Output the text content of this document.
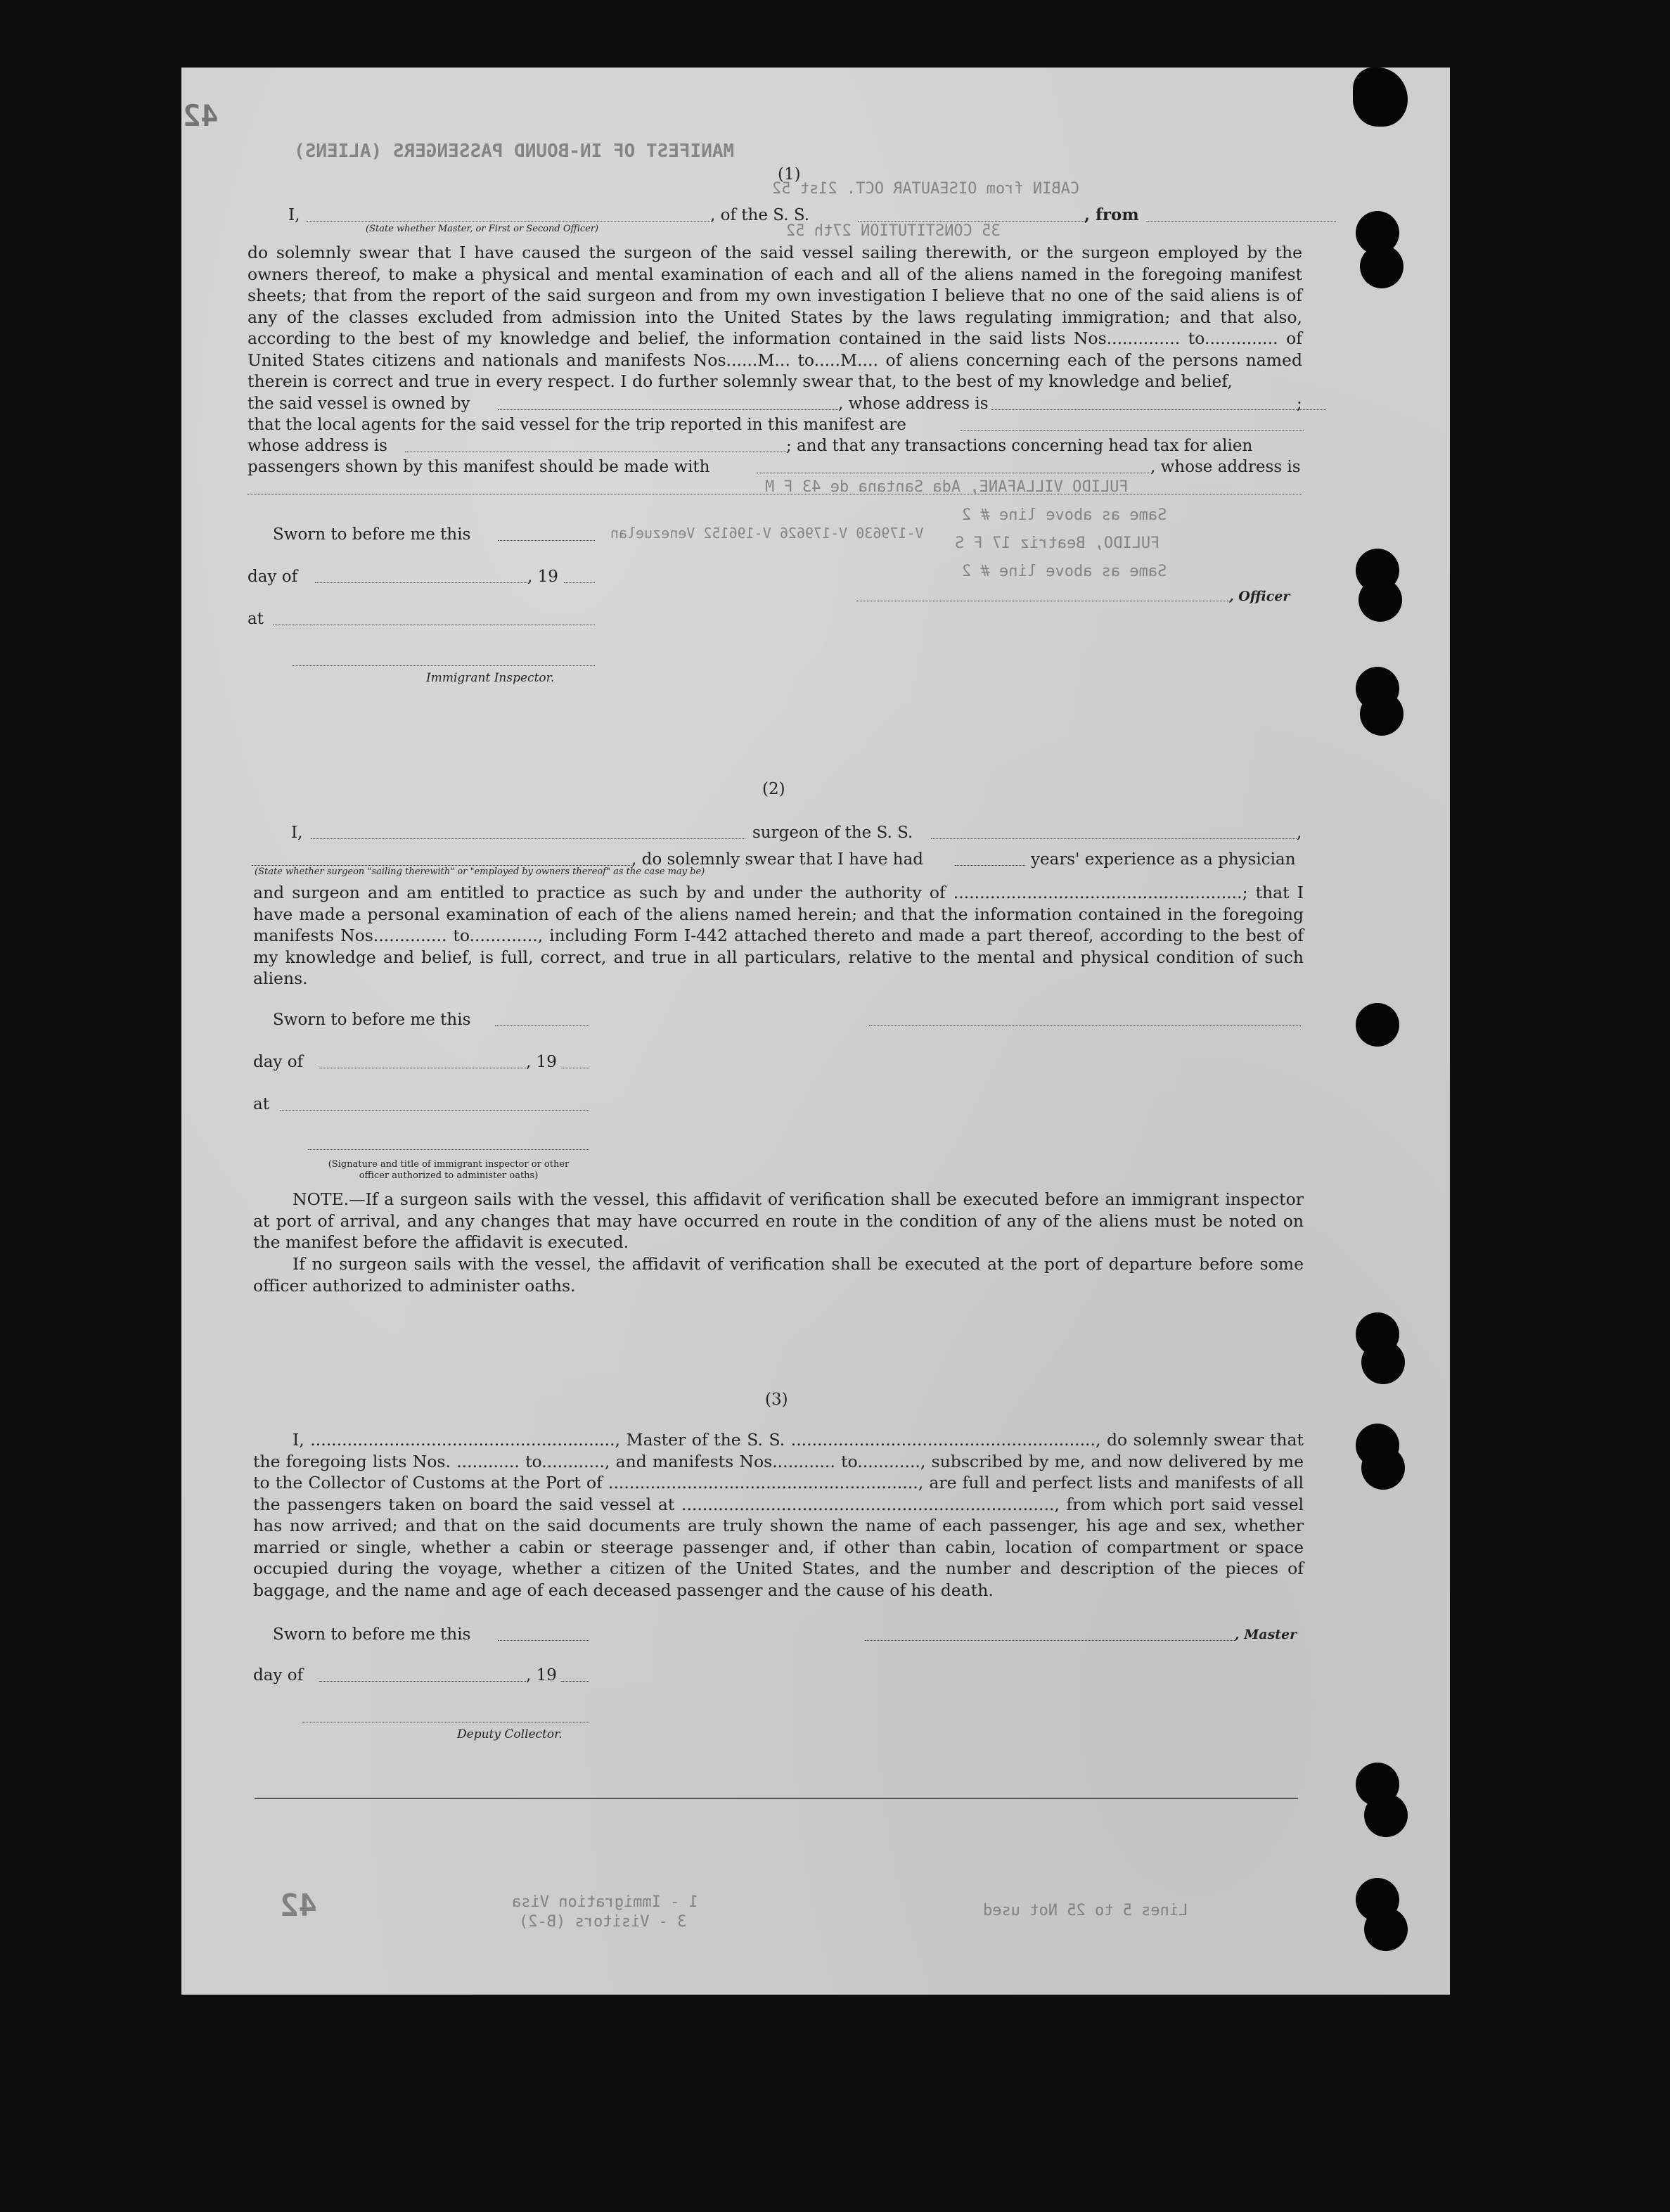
42
MANIFEST OF IN-BOUND PASSENGERS (ALIENS)
CABIN from OISEAUTAR OCT. 21st 52
35 CONSTITUTION 27th 52
FULIDO VILLAFANE, Ada Santana de 43 F M
Same as above line # 2
FULIDO, Beatriz 17 F S
Same as above line # 2
V-179630 V-179626 V-196152 Venezuelan
42	1 - Immigration Visa
3 - Visitors (B-2)
Lines 5 to 25 Not used
(1)
I,	, of the S. S.	, from
(State whether Master, or First or Second Officer)
do solemnly swear that I have caused the surgeon of the said vessel sailing therewith, or the surgeon employed by the owners thereof, to make a physical and mental examination of each and all of the aliens named in the foregoing manifest sheets; that from the report of the said surgeon and from my own investigation I believe that no one of the said aliens is of any of the classes excluded from admission into the United States by the laws regulating immigration; and that also, according to the best of my knowledge and belief, the information contained in the said lists Nos.............. to.............. of United States citizens and nationals and manifests Nos......M... to.....M.... of aliens concerning each of the persons named therein is correct and true in every respect. I do further solemnly swear that, to the best of my knowledge and belief,
the said vessel is owned by	, whose address is	;
that the local agents for the said vessel for the trip reported in this manifest are
whose address is	; and that any transactions concerning head tax for alien
passengers shown by this manifest should be made with	, whose address is
Sworn to before me this
day of	, 19
, Officer
at
Immigrant Inspector.
(2)
I,	surgeon of the S. S.	,
, do solemnly swear that I have had	years' experience as a physician
(State whether surgeon "sailing therewith" or "employed by owners thereof" as the case may be)
and surgeon and am entitled to practice as such by and under the authority of .......................................................; that I have made a personal examination of each of the aliens named herein; and that the information contained in the foregoing manifests Nos.............. to............., including Form I-442 attached thereto and made a part thereof, according to the best of my knowledge and belief, is full, correct, and true in all particulars, relative to the mental and physical condition of such aliens.
Sworn to before me this
day of	, 19
at
(Signature and title of immigrant inspector or other officer authorized to administer oaths)
NOTE.—If a surgeon sails with the vessel, this affidavit of verification shall be executed before an immigrant inspector at port of arrival, and any changes that may have occurred en route in the condition of any of the aliens must be noted on the manifest before the affidavit is executed.
If no surgeon sails with the vessel, the affidavit of verification shall be executed at the port of departure before some officer authorized to administer oaths.
(3)
I, .........................................................., Master of the S. S. .........................................................., do solemnly swear that the foregoing lists Nos. ............ to............, and manifests Nos............ to............, subscribed by me, and now delivered by me to the Collector of Customs at the Port of ..........................................................., are full and perfect lists and manifests of all the passengers taken on board the said vessel at ......................................................................., from which port said vessel has now arrived; and that on the said documents are truly shown the name of each passenger, his age and sex, whether married or single, whether a cabin or steerage passenger and, if other than cabin, location of compartment or space occupied during the voyage, whether a citizen of the United States, and the number and description of the pieces of baggage, and the name and age of each deceased passenger and the cause of his death.
Sworn to before me this	, Master
day of	, 19
Deputy Collector.
